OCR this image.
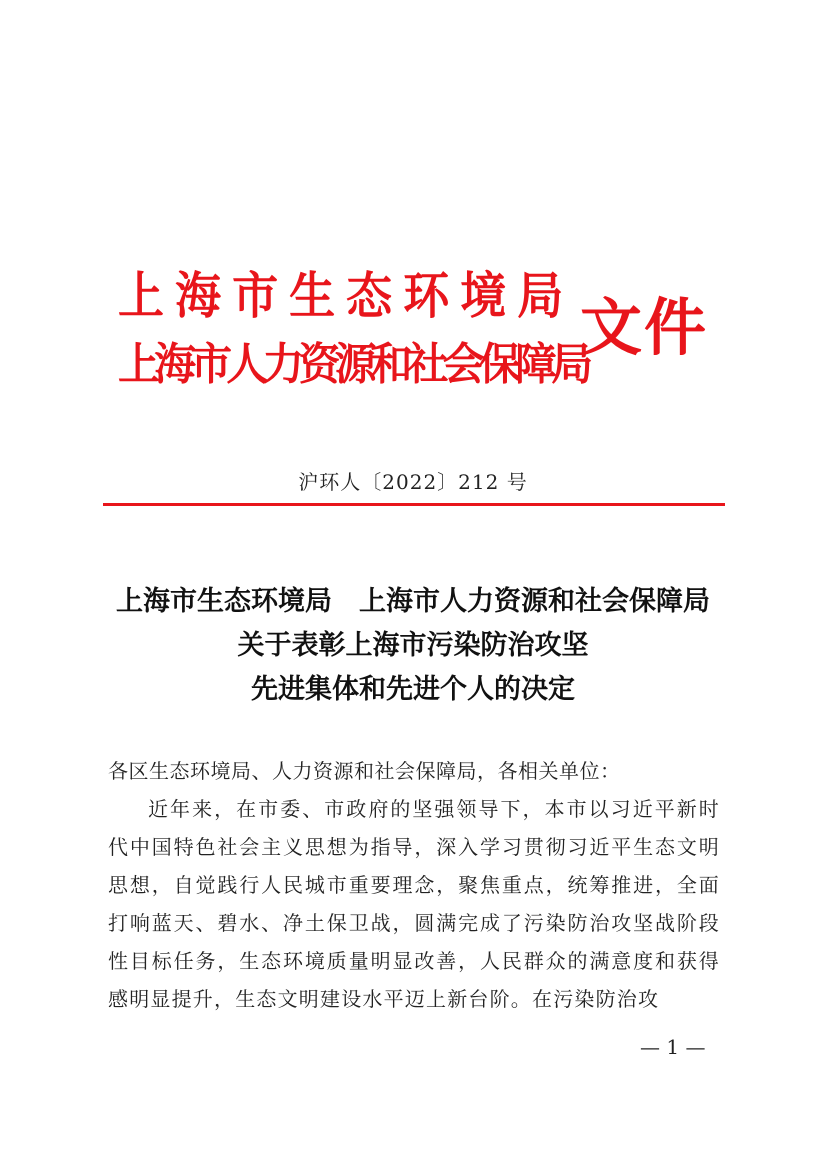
上海市生态环境局
上海市人力资源和社会保障局
文件
沪环人〔2022〕212 号
上海市生态环境局　上海市人力资源和社会保障局
关于表彰上海市污染防治攻坚
先进集体和先进个人的决定
各区生态环境局、人力资源和社会保障局，各相关单位：
近年来，在市委、市政府的坚强领导下，本市以习近平新时代中国特色社会主义思想为指导，深入学习贯彻习近平生态文明思想，自觉践行人民城市重要理念，聚焦重点，统筹推进，全面打响蓝天、碧水、净土保卫战，圆满完成了污染防治攻坚战阶段性目标任务，生态环境质量明显改善，人民群众的满意度和获得感明显提升，生态文明建设水平迈上新台阶。在污染防治攻
— 1 —
